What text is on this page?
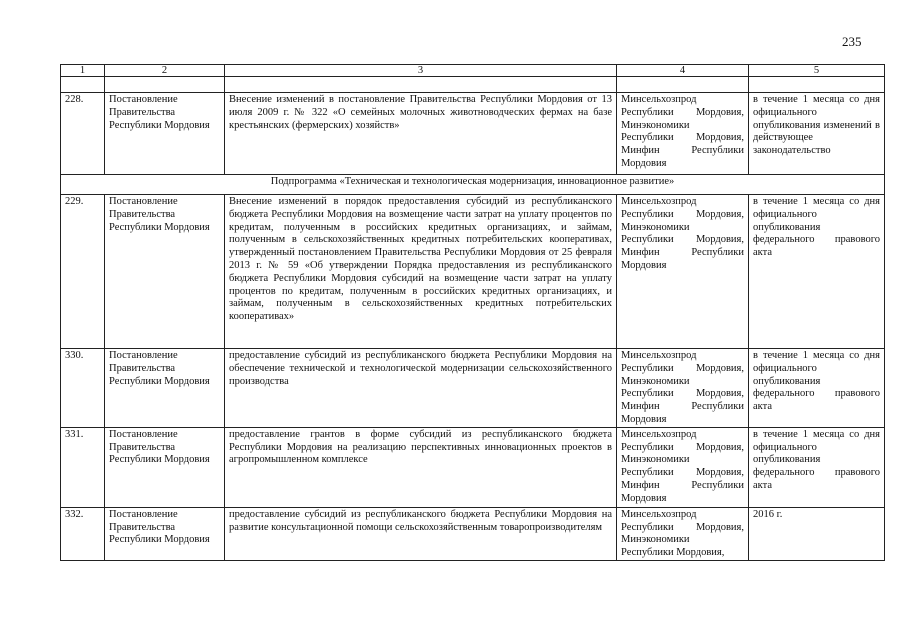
235
1	2	3	4	5

228.	Постановление Правительства Республики Мордовия	Внесение изменений в постановление Правительства Республики Мордовия от 13 июля 2009 г. № 322 «О семейных молочных животноводческих фермах на базе крестьянских (фермерских) хозяйств»	Минсельхозпрод Республики Мордовия, Минэкономики Республики Мордовия, Минфин Республики Мордовия	в течение 1 месяца со дня официального опубликования изменений в действующее законодательство
Подпрограмма «Техническая и технологическая модернизация, инновационное развитие»				
229.	Постановление Правительства Республики Мордовия	Внесение изменений в порядок предоставления субсидий из республиканского бюджета Республики Мордовия на возмещение части затрат на уплату процентов по кредитам, полученным в российских кредитных организациях, и займам, полученным в сельскохозяйственных кредитных потребительских кооперативах, утвержденный постановлением Правительства Республики Мордовия от 25 февраля 2013 г. № 59 «Об утверждении Порядка предоставления из республиканского бюджета Республики Мордовия субсидий на возмещение части затрат на уплату процентов по кредитам, полученным в российских кредитных организациях, и займам, полученным в сельскохозяйственных кредитных потребительских кооперативах»	Минсельхозпрод Республики Мордовия, Минэкономики Республики Мордовия, Минфин Республики Мордовия	в течение 1 месяца со дня официального опубликования федерального правового акта
330.	Постановление Правительства Республики Мордовия	предоставление субсидий из республиканского бюджета Республики Мордовия на обеспечение технической и технологической модернизации сельскохозяйственного производства	Минсельхозпрод Республики Мордовия, Минэкономики Республики Мордовия, Минфин Республики Мордовия	в течение 1 месяца со дня официального опубликования федерального правового акта
331.	Постановление Правительства Республики Мордовия	предоставление грантов в форме субсидий из республиканского бюджета Республики Мордовия на реализацию перспективных инновационных проектов в агропромышленном комплексе	Минсельхозпрод Республики Мордовия, Минэкономики Республики Мордовия, Минфин Республики Мордовия	в течение 1 месяца со дня официального опубликования федерального правового акта
332.	Постановление Правительства Республики Мордовия	предоставление субсидий из республиканского бюджета Республики Мордовия на развитие консультационной помощи сельскохозяйственным товаропроизводителям	Минсельхозпрод Республики Мордовия, Минэкономики Республики Мордовия,	2016 г.
